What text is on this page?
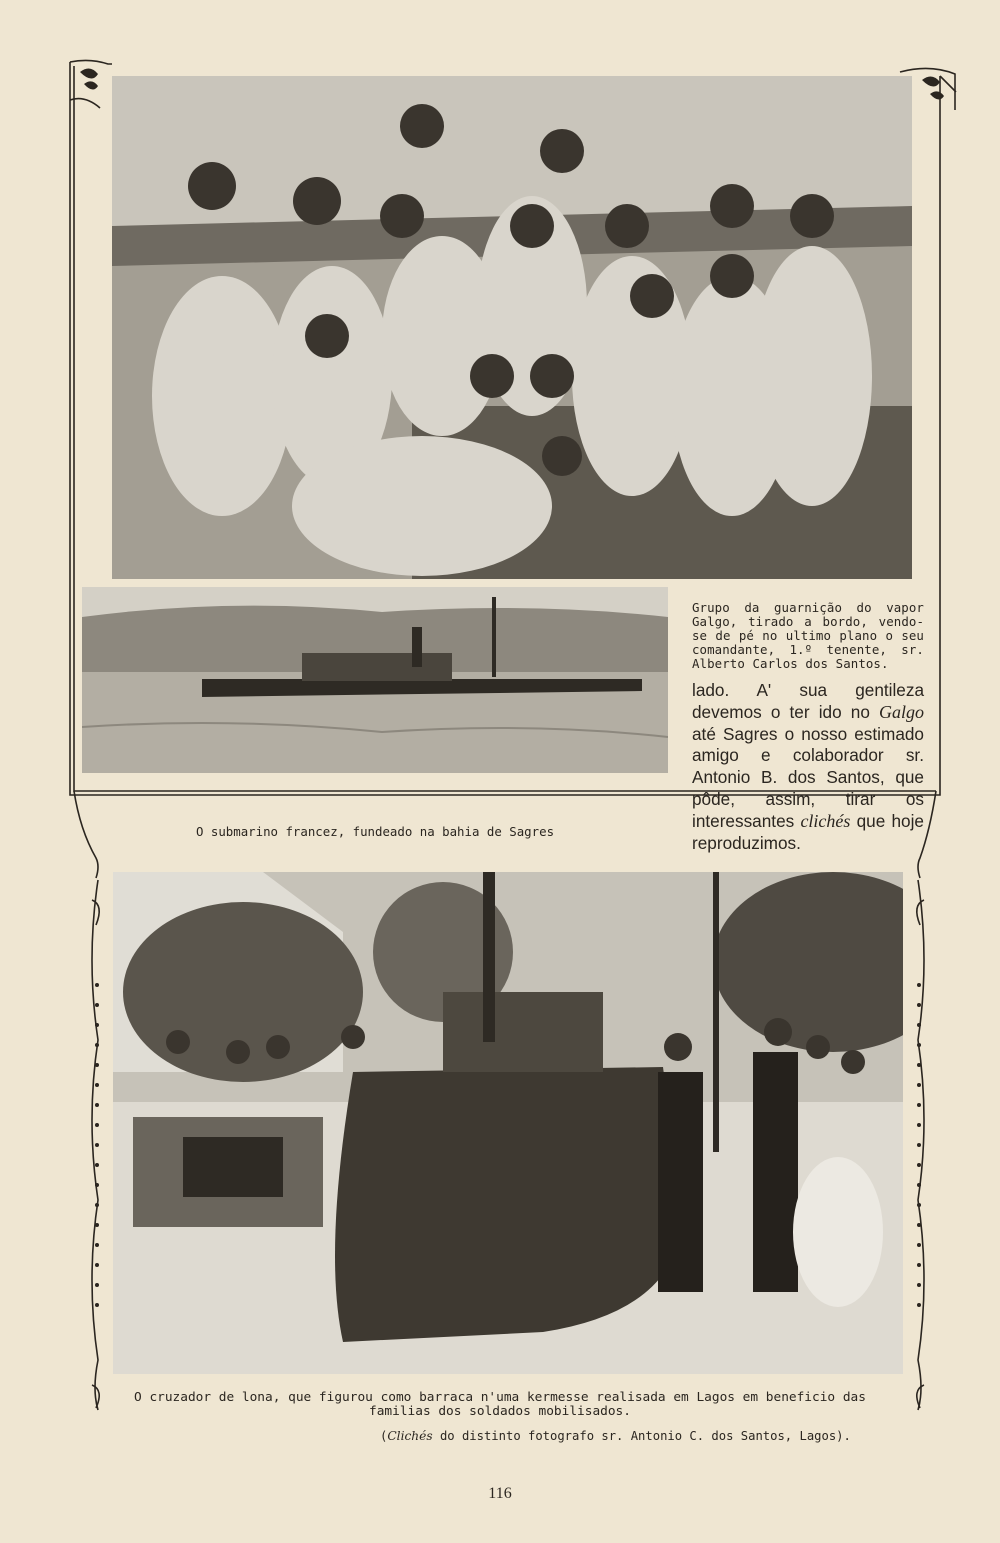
Grupo da guarnição do vapor Galgo, tirado a bordo, vendo-se de pé no ultimo plano o seu comandante, 1.º tenente, sr. Alberto Carlos dos Santos.
lado. A' sua gentileza devemos o ter ido no Galgo até Sagres o nosso estimado amigo e colaborador sr. Antonio B. dos Santos, que pôde, assim, tirar os interessantes clichés que hoje reproduzimos.
O submarino francez, fundeado na bahia de Sagres
O cruzador de lona, que figurou como barraca n'uma kermesse realisada em Lagos em beneficio das
familias dos soldados mobilisados.
(Clichés do distinto fotografo sr. Antonio C. dos Santos, Lagos).
116
